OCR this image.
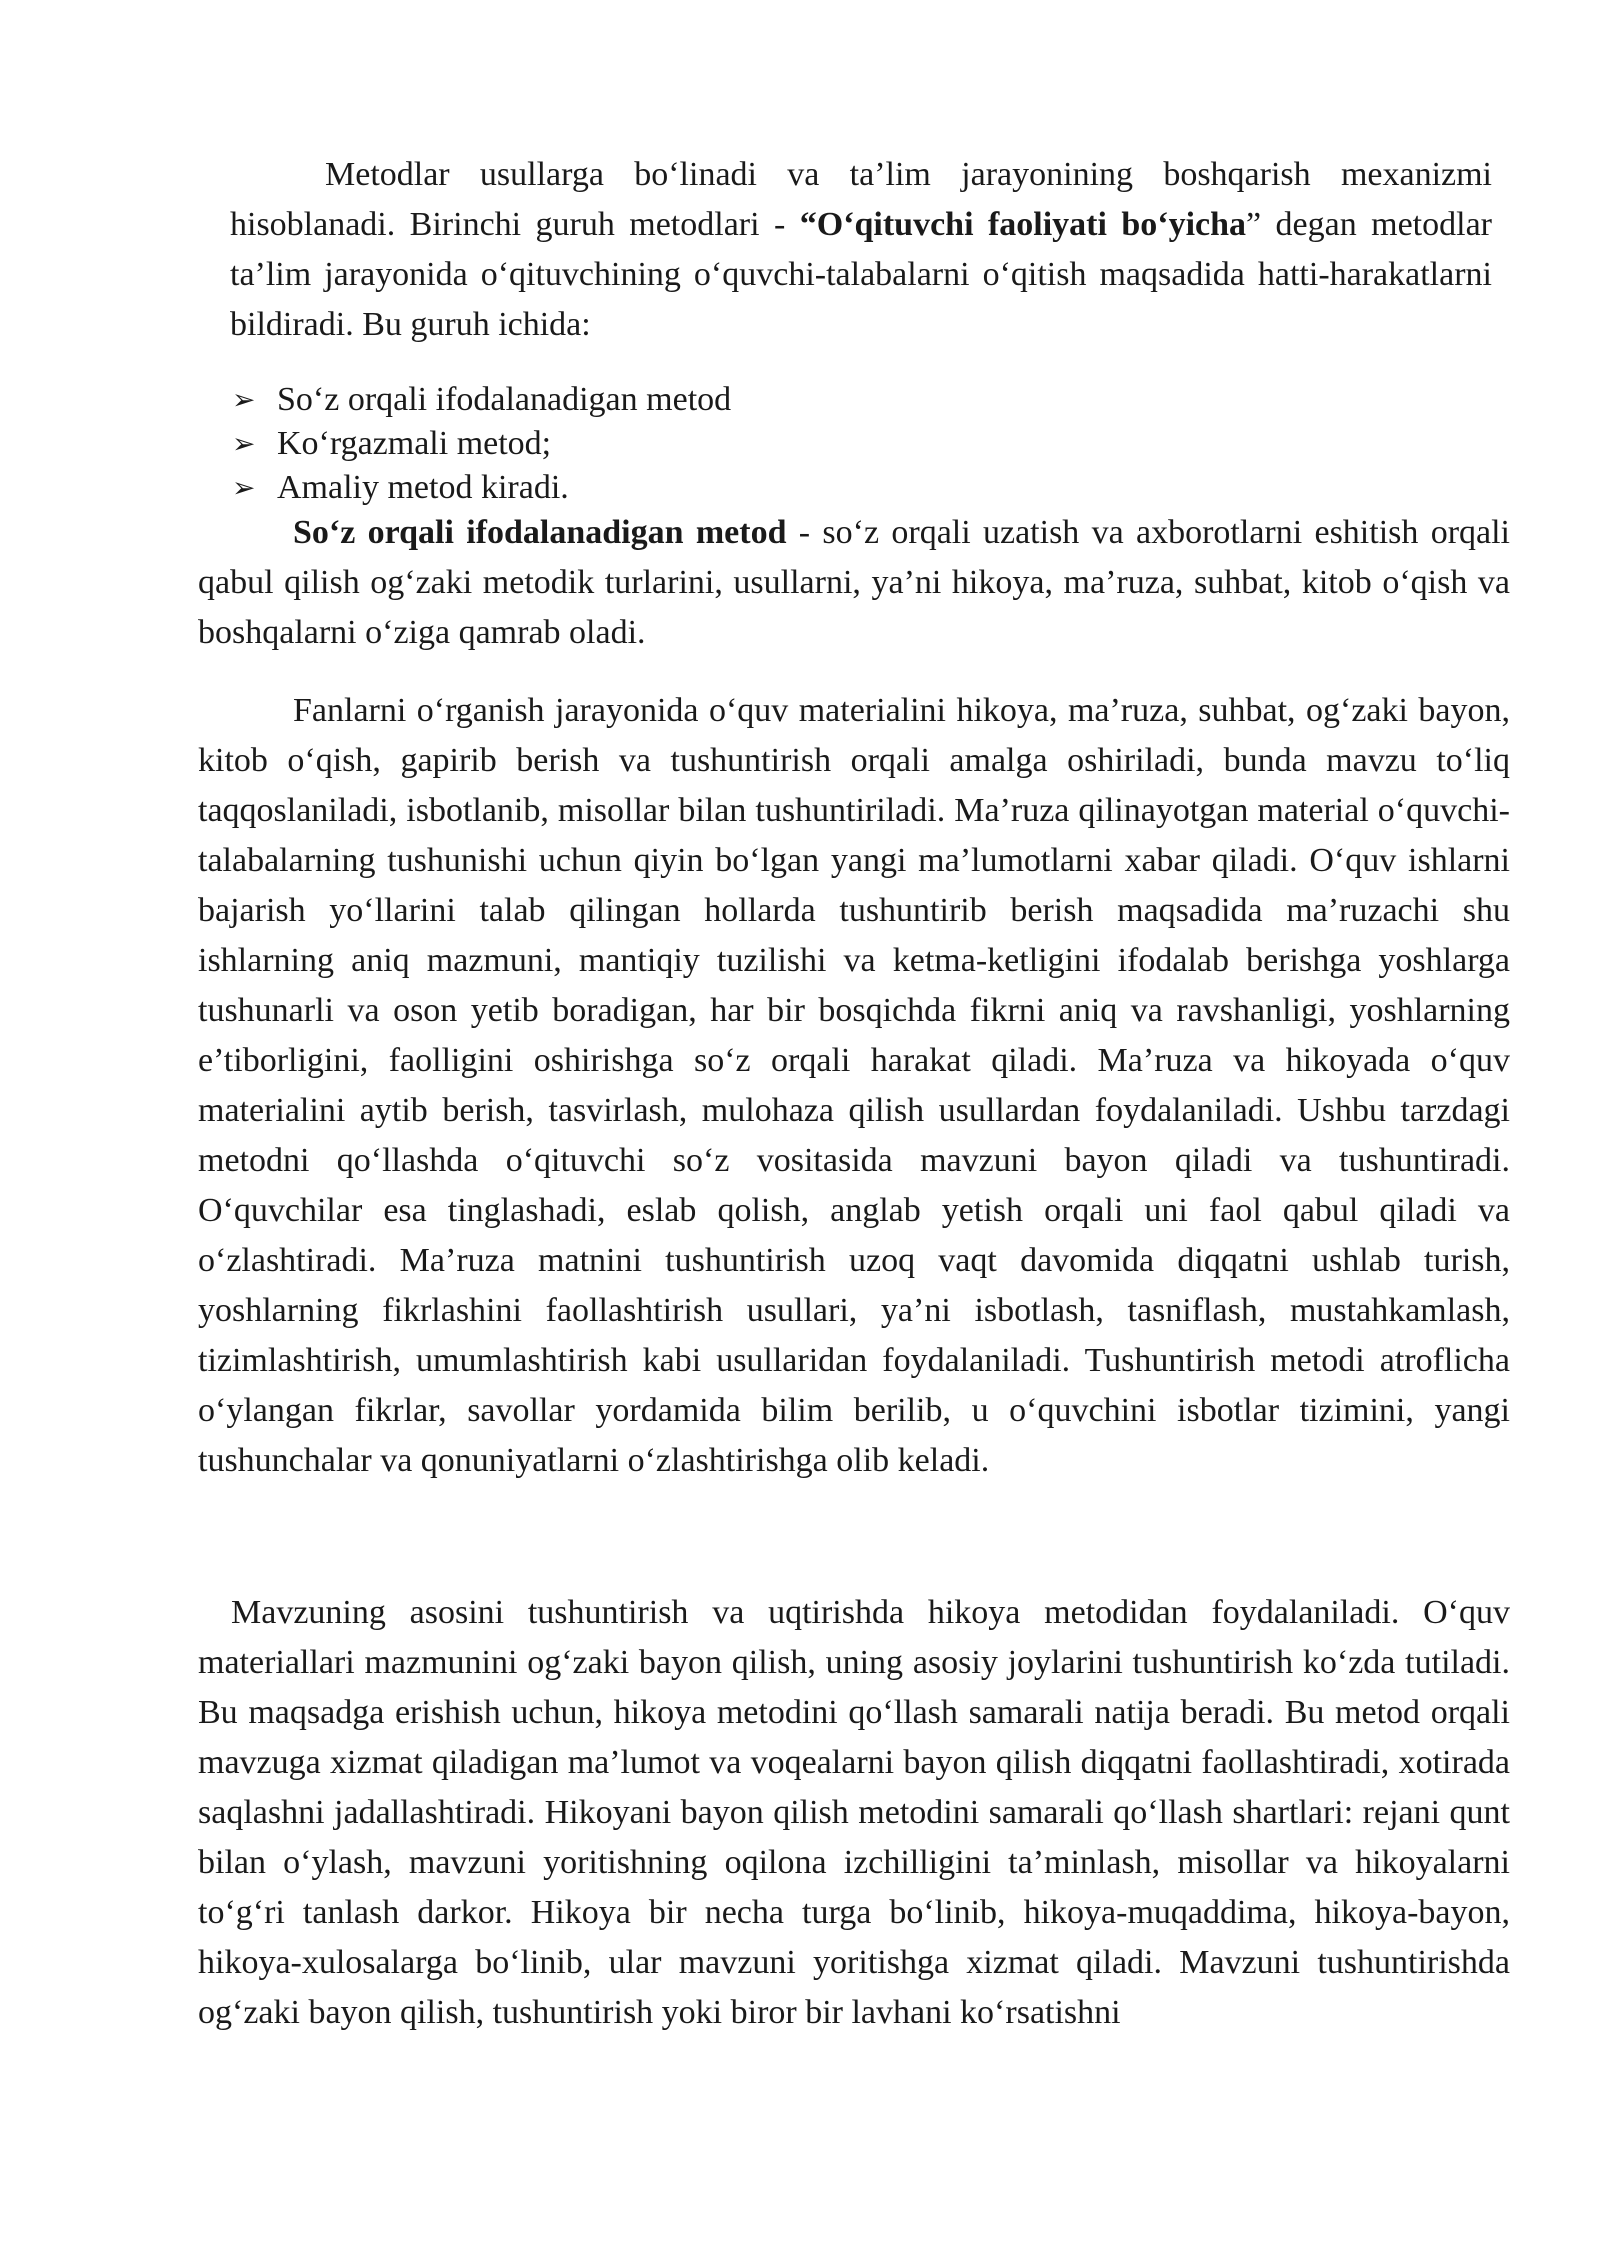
Metodlar usullarga bo‘linadi va ta’lim jarayonining boshqarish mexanizmi hisoblanadi. Birinchi guruh metodlari - “O‘qituvchi faoliyati bo‘yicha” degan metodlar ta’lim jarayonida o‘qituvchining o‘quvchi-talabalarni o‘qitish maqsadida hatti-harakatlarni bildiradi. Bu guruh ichida:

➢ So‘z orqali ifodalanadigan metod
➢ Ko‘rgazmali metod;
➢ Amaliy metod kiradi.

So‘z orqali ifodalanadigan metod - so‘z orqali uzatish va axborotlarni eshitish orqali qabul qilish og‘zaki metodik turlarini, usullarni, ya’ni hikoya, ma’ruza, suhbat, kitob o‘qish va boshqalarni o‘ziga qamrab oladi.

Fanlarni o‘rganish jarayonida o‘quv materialini hikoya, ma’ruza, suhbat, og‘zaki bayon, kitob o‘qish, gapirib berish va tushuntirish orqali amalga oshiriladi, bunda mavzu to‘liq taqqoslaniladi, isbotlanib, misollar bilan tushuntiriladi. Ma’ruza qilinayotgan material o‘quvchi-talabalarning tushunishi uchun qiyin bo‘lgan yangi ma’lumotlarni xabar qiladi. O‘quv ishlarni bajarish yo‘llarini talab qilingan hollarda tushuntirib berish maqsadida ma’ruzachi shu ishlarning aniq mazmuni, mantiqiy tuzilishi va ketma-ketligini ifodalab berishga yoshlarga tushunarli va oson yetib boradigan, har bir bosqichda fikrni aniq va ravshanligi, yoshlarning e’tiborligini, faolligini oshirishga so‘z orqali harakat qiladi. Ma’ruza va hikoyada o‘quv materialini aytib berish, tasvirlash, mulohaza qilish usullardan foydalaniladi. Ushbu tarzdagi metodni qo‘llashda o‘qituvchi so‘z vositasida mavzuni bayon qiladi va tushuntiradi. O‘quvchilar esa tinglashadi, eslab qolish, anglab yetish orqali uni faol qabul qiladi va o‘zlashtiradi. Ma’ruza matnini tushuntirish uzoq vaqt davomida diqqatni ushlab turish, yoshlarning fikrlashini faollashtirish usullari, ya’ni isbotlash, tasniflash, mustahkamlash, tizimlashtirish, umumlashtirish kabi usullaridan foydalaniladi. Tushuntirish metodi atroflicha o‘ylangan fikrlar, savollar yordamida bilim berilib, u o‘quvchini isbotlar tizimini, yangi tushunchalar va qonuniyatlarni o‘zlashtirishga olib keladi.

Mavzuning asosini tushuntirish va uqtirishda hikoya metodidan foydalaniladi. O‘quv materiallari mazmunini og‘zaki bayon qilish, uning asosiy joylarini tushuntirish ko‘zda tutiladi. Bu maqsadga erishish uchun, hikoya metodini qo‘llash samarali natija beradi. Bu metod orqali mavzuga xizmat qiladigan ma’lumot va voqealarni bayon qilish diqqatni faollashtiradi, xotirada saqlashni jadallashtiradi. Hikoyani bayon qilish metodini samarali qo‘llash shartlari: rejani qunt bilan o‘ylash, mavzuni yoritishning oqilona izchilligini ta’minlash, misollar va hikoyalarni to‘g‘ri tanlash darkor. Hikoya bir necha turga bo‘linib, hikoya-muqaddima, hikoya-bayon, hikoya-xulosalarga bo‘linib, ular mavzuni yoritishga xizmat qiladi. Mavzuni tushuntirishda og‘zaki bayon qilish, tushuntirish yoki biror bir lavhani ko‘rsatishni
